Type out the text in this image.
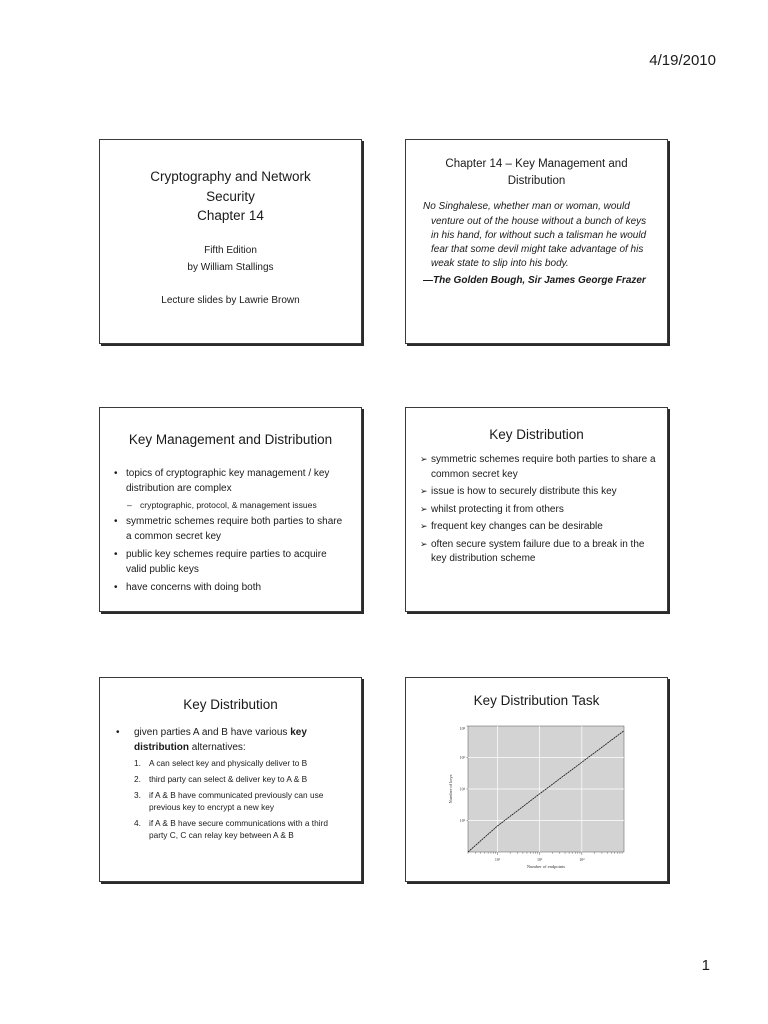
4/19/2010
Cryptography and Network
Security
Chapter 14
Fifth Edition
by William Stallings
Lecture slides by Lawrie Brown
Chapter 14 – Key Management and
Distribution
No Singhalese, whether man or woman, would venture out of the house without a bunch of keys in his hand, for without such a talisman he would fear that some devil might take advantage of his weak state to slip into his body.
—The Golden Bough, Sir James George Frazer
Key Management and Distribution
• topics of cryptographic key management / key distribution are complex
– cryptographic, protocol, & management issues
• symmetric schemes require both parties to share a common secret key
• public key schemes require parties to acquire valid public keys
• have concerns with doing both
Key Distribution
➢ symmetric schemes require both parties to share a common secret key
➢ issue is how to securely distribute this key
➢ whilst protecting it from others
➢ frequent key changes can be desirable
➢ often secure system failure due to a break in the key distribution scheme
Key Distribution
• given parties A and B have various key distribution alternatives:
1. A can select key and physically deliver to B
2. third party can select & deliver key to A & B
3. if A & B have communicated previously can use previous key to encrypt a new key
4. if A & B have secure communications with a third party C, C can relay key between A & B
Key Distribution Task
10¹	10²	10³
10²
10⁴
10⁶
10⁸
Number of endpoints
Number of keys
1
